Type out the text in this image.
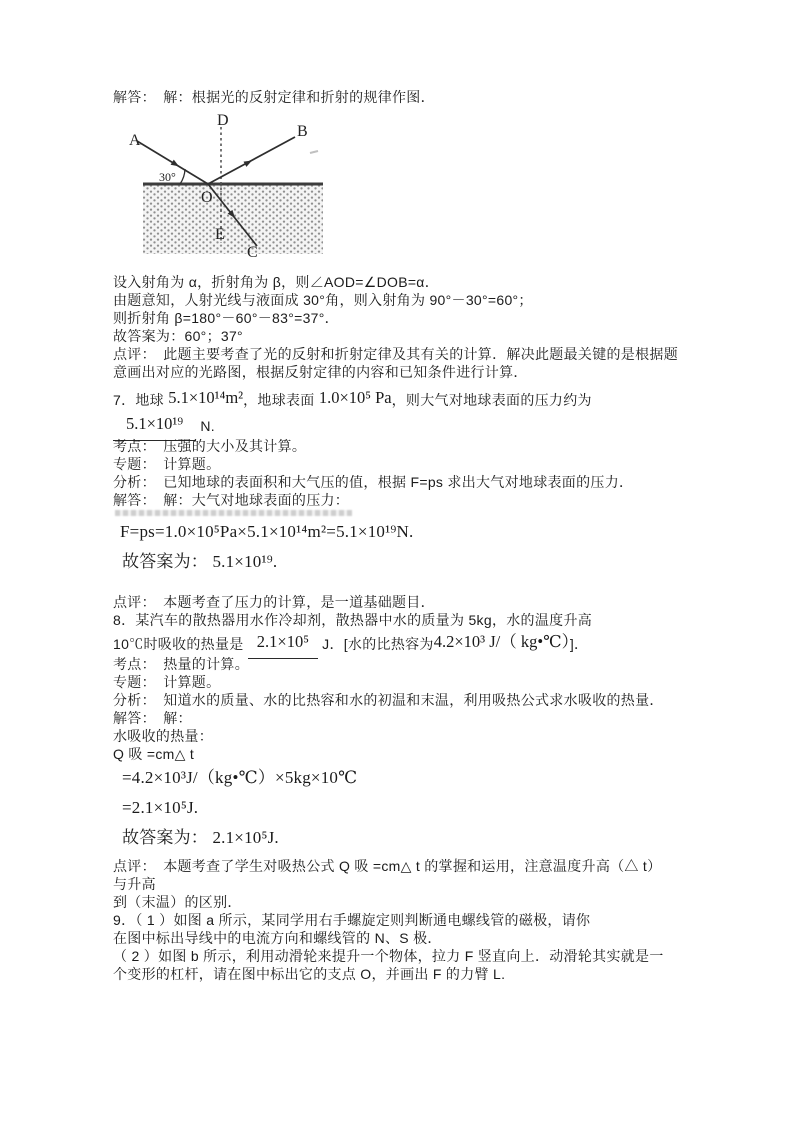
解答：　解：根据光的反射定律和折射的规律作图．
A
B
C
D
E
O
30°
设入射角为 α，折射角为 β，则∠AOD=∠DOB=α．
由题意知，人射光线与液面成 30°角，则入射角为 90°－30°=60°；
则折射角 β=180°－60°－83°=37°．
故答案为：60°；37°
点评：　此题主要考查了光的反射和折射定律及其有关的计算．解决此题最关键的是根据题
意画出对应的光路图，根据反射定律的内容和已知条件进行计算．
7．地球 5.1×10¹⁴m²，地球表面 1.0×10⁵ Pa，则大气对地球表面的压力约为
5.1×10¹⁹ N.
考点：　压强的大小及其计算。
专题：　计算题。
分析：　已知地球的表面积和大气压的值，根据 F=ps 求出大气对地球表面的压力．
解答：　解：大气对地球表面的压力：
F=ps=1.0×10⁵Pa×5.1×10¹⁴m²=5.1×10¹⁹N.
故答案为： 5.1×10¹⁹.
点评：　本题考查了压力的计算，是一道基础题目．
8．某汽车的散热器用水作冷却剂，散热器中水的质量为 5kg，水的温度升高
10℃时吸收的热量是 2.1×10⁵ J．[水的比热容为4.2×10³ J/（ kg•℃）]．
考点：　热量的计算。
专题：　计算题。
分析：　知道水的质量、水的比热容和水的初温和末温，利用吸热公式求水吸收的热量．
解答：　解：
水吸收的热量：
Q 吸 =cm△ t
=4.2×10³J/（kg•℃）×5kg×10℃
=2.1×10⁵J.
故答案为： 2.1×10⁵J.
点评：　本题考查了学生对吸热公式 Q 吸 =cm△ t 的掌握和运用，注意温度升高（△ t）
与升高
到（末温）的区别．
9．（ 1 ）如图 a 所示，某同学用右手螺旋定则判断通电螺线管的磁极，请你
在图中标出导线中的电流方向和螺线管的 N、S 极．
（ 2 ）如图 b 所示，利用动滑轮来提升一个物体，拉力 F 竖直向上．动滑轮其实就是一
个变形的杠杆，请在图中标出它的支点 O，并画出 F 的力臂 L.
